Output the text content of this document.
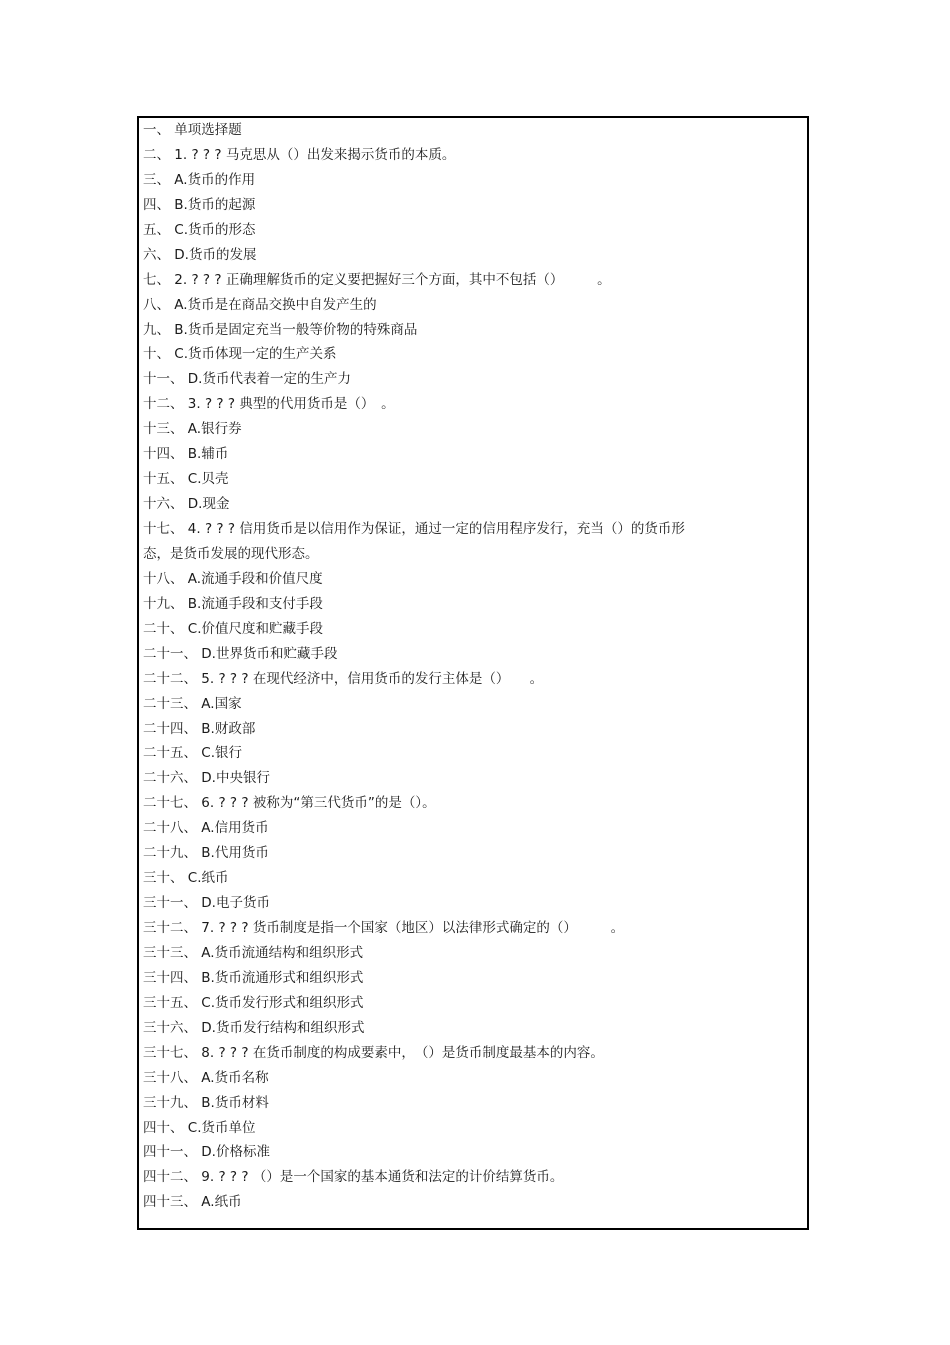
一、 单项选择题
二、 1. ? ? ? 马克思从（）出发来揭示货币的本质。
三、 A.货币的作用
四、 B.货币的起源
五、 C.货币的形态
六、 D.货币的发展
七、 2. ? ? ? 正确理解货币的定义要把握好三个方面，其中不包括（）　　　。
八、 A.货币是在商品交换中自发产生的
九、 B.货币是固定充当一般等价物的特殊商品
十、 C.货币体现一定的生产关系
十一、 D.货币代表着一定的生产力
十二、 3. ? ? ? 典型的代用货币是（）　。
十三、 A.银行券
十四、 B.辅币
十五、 C.贝壳
十六、 D.现金
十七、 4. ? ? ? 信用货币是以信用作为保证，通过一定的信用程序发行，充当（）的货币形
态，是货币发展的现代形态。
十八、 A.流通手段和价值尺度
十九、 B.流通手段和支付手段
二十、 C.价值尺度和贮藏手段
二十一、 D.世界货币和贮藏手段
二十二、 5. ? ? ? 在现代经济中，信用货币的发行主体是（）　　。
二十三、 A.国家
二十四、 B.财政部
二十五、 C.银行
二十六、 D.中央银行
二十七、 6. ? ? ? 被称为“第三代货币”的是（）。
二十八、 A.信用货币
二十九、 B.代用货币
三十、 C.纸币
三十一、 D.电子货币
三十二、 7. ? ? ? 货币制度是指一个国家（地区）以法律形式确定的（）　　　。
三十三、 A.货币流通结构和组织形式
三十四、 B.货币流通形式和组织形式
三十五、 C.货币发行形式和组织形式
三十六、 D.货币发行结构和组织形式
三十七、 8. ? ? ? 在货币制度的构成要素中，　（）是货币制度最基本的内容。
三十八、 A.货币名称
三十九、 B.货币材料
四十、 C.货币单位
四十一、 D.价格标准
四十二、 9. ? ? ? （）是一个国家的基本通货和法定的计价结算货币。
四十三、 A.纸币
